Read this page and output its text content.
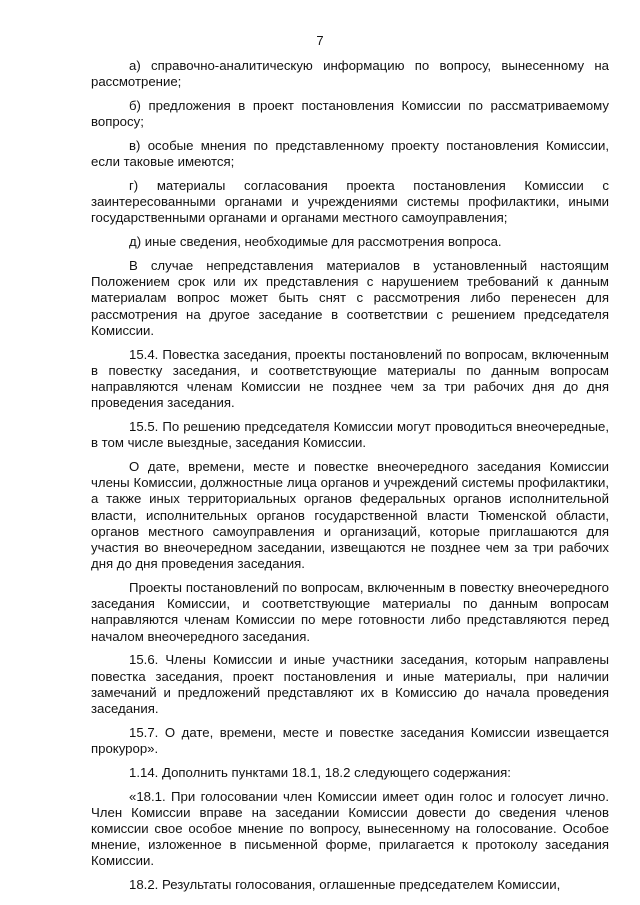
7

а) справочно-аналитическую информацию по вопросу, вынесенному на рассмотрение;

б) предложения в проект постановления Комиссии по рассматриваемому вопросу;

в) особые мнения по представленному проекту постановления Комиссии, если таковые имеются;

г) материалы согласования проекта постановления Комиссии с заинтересованными органами и учреждениями системы профилактики, иными государственными органами и органами местного самоуправления;

д) иные сведения, необходимые для рассмотрения вопроса.

В случае непредставления материалов в установленный настоящим Положением срок или их представления с нарушением требований к данным материалам вопрос может быть снят с рассмотрения либо перенесен для рассмотрения на другое заседание в соответствии с решением председателя Комиссии.

15.4. Повестка заседания, проекты постановлений по вопросам, включенным в повестку заседания, и соответствующие материалы по данным вопросам направляются членам Комиссии не позднее чем за три рабочих дня до дня проведения заседания.

15.5. По решению председателя Комиссии могут проводиться внеочередные, в том числе выездные, заседания Комиссии.

О дате, времени, месте и повестке внеочередного заседания Комиссии члены Комиссии, должностные лица органов и учреждений системы профилактики, а также иных территориальных органов федеральных органов исполнительной власти, исполнительных органов государственной власти Тюменской области, органов местного самоуправления и организаций, которые приглашаются для участия во внеочередном заседании, извещаются не позднее чем за три рабочих дня до дня проведения заседания.

Проекты постановлений по вопросам, включенным в повестку внеочередного заседания Комиссии, и соответствующие материалы по данным вопросам направляются членам Комиссии по мере готовности либо представляются перед началом внеочередного заседания.

15.6. Члены Комиссии и иные участники заседания, которым направлены повестка заседания, проект постановления и иные материалы, при наличии замечаний и предложений представляют их в Комиссию до начала проведения заседания.

15.7. О дате, времени, месте и повестке заседания Комиссии извещается прокурор».

1.14. Дополнить пунктами 18.1, 18.2 следующего содержания:

«18.1. При голосовании член Комиссии имеет один голос и голосует лично. Член Комиссии вправе на заседании Комиссии довести до сведения членов комиссии свое особое мнение по вопросу, вынесенному на голосование. Особое мнение, изложенное в письменной форме, прилагается к протоколу заседания Комиссии.

18.2. Результаты голосования, оглашенные председателем Комиссии,
